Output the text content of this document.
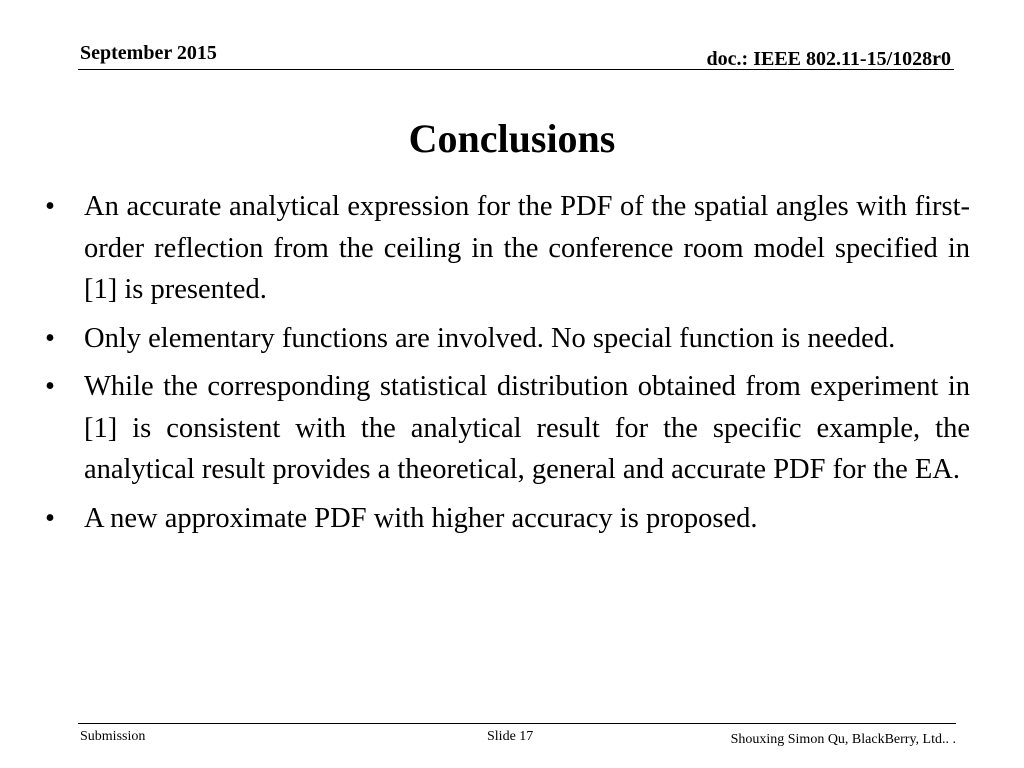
September 2015	doc.: IEEE 802.11-15/1028r0
Conclusions
•	An accurate analytical expression for the PDF of the spatial angles with first-order reflection from the ceiling in the conference room model specified in [1] is presented.
•	Only elementary functions are involved. No special function is needed.
•	While the corresponding statistical distribution obtained from experiment in [1] is consistent with the analytical result for the specific example, the analytical result provides a theoretical, general and accurate PDF for the EA.
•	A new approximate PDF with higher accuracy is proposed.
Submission	Slide 17	Shouxing Simon Qu, BlackBerry, Ltd.. .
